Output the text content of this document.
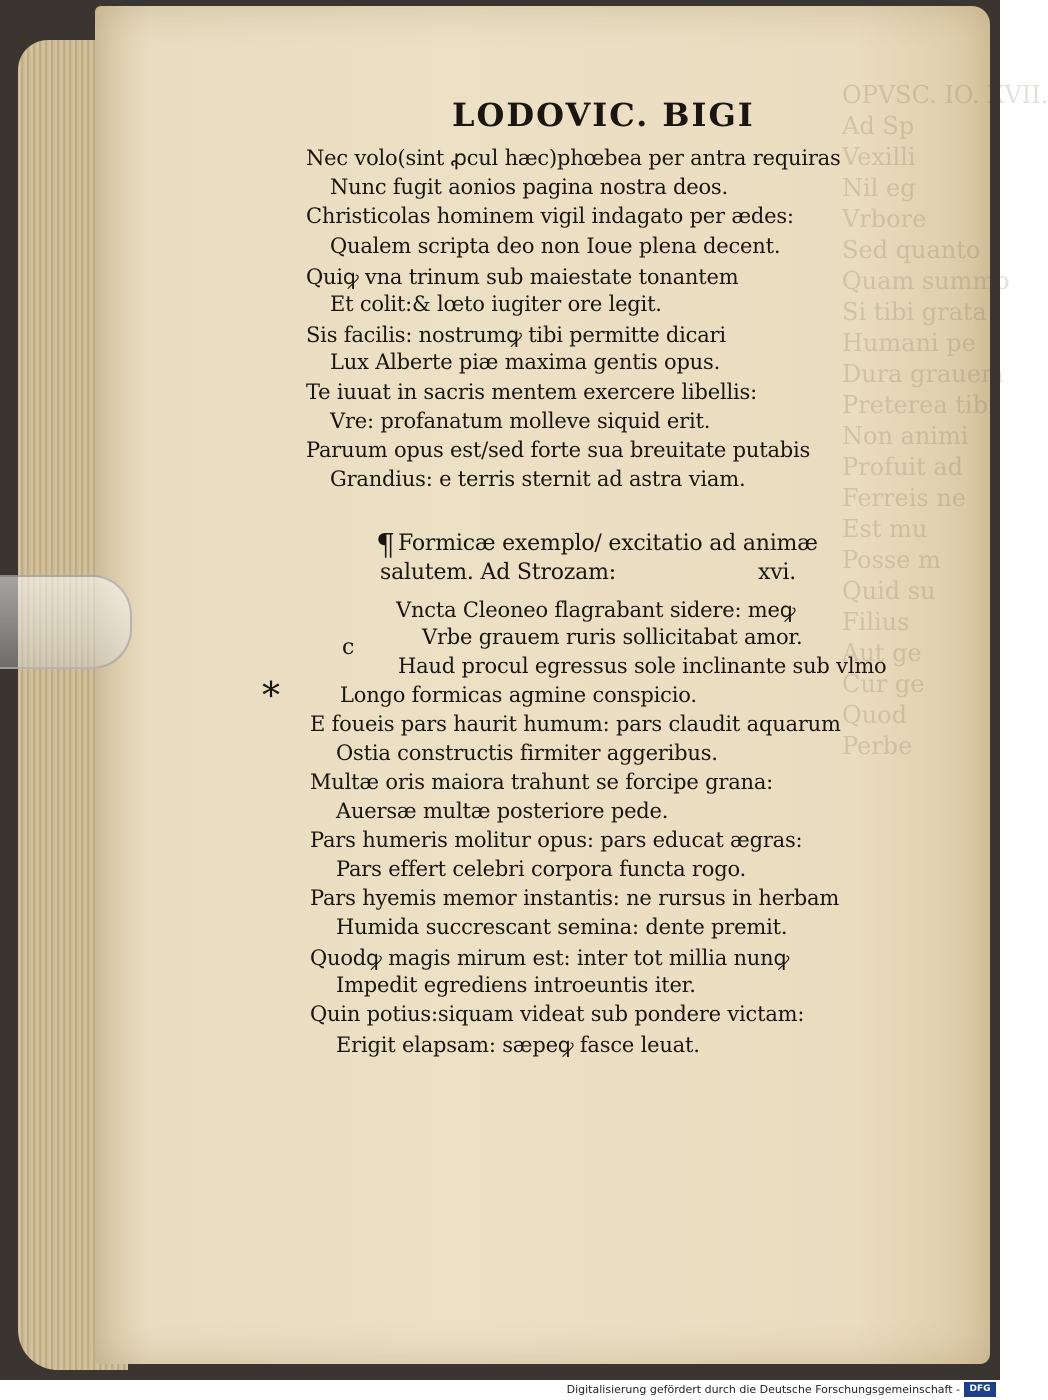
OPVSC. IO. XVII.
Ad Sp
Vexilli
Nil eg
Vrbore
Sed quanto
Quam summo
Si tibi grata
Humani pe
Dura grauem
Preterea tibi
Non animi
Profuit ad
Ferreis ne
Est mu
Posse m
Quid su
Filius
Aut ge
Cur ge
Quod
Perbe
LODOVIC. BIGI
Nec volo(sint ꝓcul hæc)phœbea per antra requiras
Nunc fugit aonios pagina nostra deos.
Christicolas hominem vigil indagato per ædes:
Qualem scripta deo non Ioue plena decent.
Quiꝙ vna trinum sub maiestate tonantem
Et colit:& lœto iugiter ore legit.
Sis facilis: nostrumꝙ tibi permitte dicari
Lux Alberte piæ maxima gentis opus.
Te iuuat in sacris mentem exercere libellis:
Vre: profanatum molleve siquid erit.
Paruum opus est/sed forte sua breuitate putabis
Grandius: e terris sternit ad astra viam.
¶ Formicæ exemplo/ excitatio ad animæ
salutem. Ad Strozam:	xvi.
c
*
Vncta Cleoneo flagrabant sidere: meꝙ
Vrbe grauem ruris sollicitabat amor.
Haud procul egressus sole inclinante sub vlmo
Longo formicas agmine conspicio.
E foueis pars haurit humum: pars claudit aquarum
Ostia constructis firmiter aggeribus.
Multæ oris maiora trahunt se forcipe grana:
Auersæ multæ posteriore pede.
Pars humeris molitur opus: pars educat ægras:
Pars effert celebri corpora functa rogo.
Pars hyemis memor instantis: ne rursus in herbam
Humida succrescant semina: dente premit.
Quodꝙ magis mirum est: inter tot millia nunꝙ
Impedit egrediens introeuntis iter.
Quin potius:siquam videat sub pondere victam:
Erigit elapsam: sæpeꝙ fasce leuat.
Digitalisierung gefördert durch die Deutsche Forschungsgemeinschaft -	DFG
